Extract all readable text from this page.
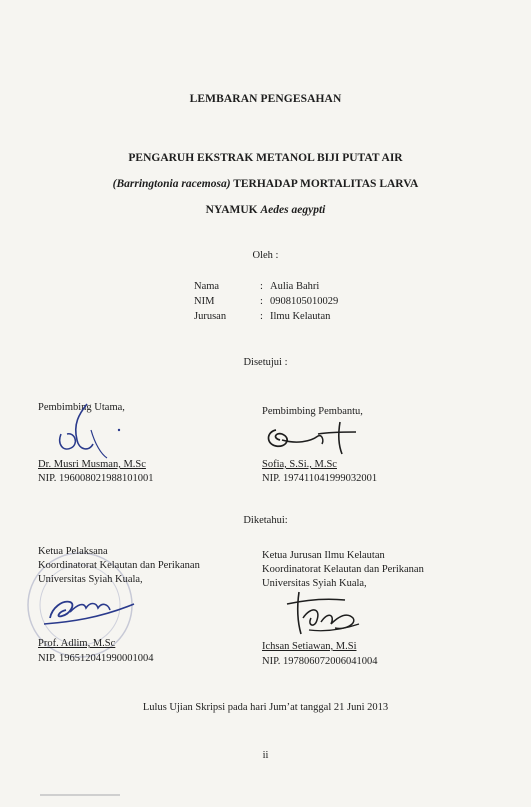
LEMBARAN PENGESAHAN
PENGARUH EKSTRAK METANOL BIJI PUTAT AIR
(Barringtonia racemosa) TERHADAP MORTALITAS LARVA
NYAMUK Aedes aegypti
Oleh :
Nama	: Aulia Bahri
NIM	: 0908105010029
Jurusan	: Ilmu Kelautan
Disetujui :
Pembimbing Utama,
Dr. Musri Musman, M.Sc
NIP. 196008021988101001
Pembimbing Pembantu,
Sofia, S.Si., M.Sc
NIP. 197411041999032001
Diketahui:
Ketua Pelaksana
Koordinatorat Kelautan dan Perikanan
Universitas Syiah Kuala,
Prof. Adlim, M.Sc
NIP. 196512041990001004
Ketua Jurusan Ilmu Kelautan
Koordinatorat Kelautan dan Perikanan
Universitas Syiah Kuala,
Ichsan Setiawan, M.Si
NIP. 197806072006041004
Lulus Ujian Skripsi pada hari Jum’at tanggal 21 Juni 2013
ii
